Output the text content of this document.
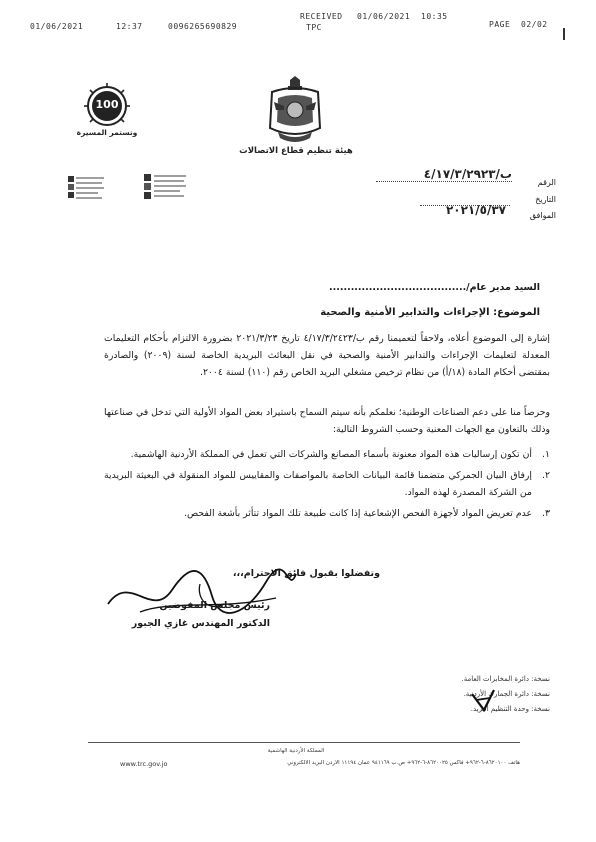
01/06/2021	12:37	0096265690829
RECEIVED 01/06/2021 10:35
TPC	PAGE 02/02
100
وتستمر المسيرة
هيئة تنظيم قطاع الاتصالات
الرقم
ب/٤/١٧/٣/٢٩٢٣
التاريخ
الموافق
٢٠٢١/٥/٣٧
السيد مدير عام/......................................
الموضوع: الإجراءات والتدابير الأمنية والصحية
إشارة إلى الموضوع أعلاه، ولاحقاً لتعميمنا رقم ب/٤/١٧/٣/٢٤٢٣ تاريخ ٢٠٢١/٣/٢٣ بضرورة الالتزام بأحكام التعليمات المعدلة لتعليمات الإجراءات والتدابير الأمنية والصحية في نقل البعائث البريدية الخاصة لسنة (٢٠٠٩) والصادرة بمقتضى أحكام المادة (١٨/أ) من نظام ترخيص مشغلي البريد الخاص رقم (١١٠) لسنة ٢٠٠٤.
وحرصاً منا على دعم الصناعات الوطنية؛ نعلمكم بأنه سيتم السماح باستيراد بعض المواد الأولية التي تدخل في صناعتها وذلك بالتعاون مع الجهات المعنية وحسب الشروط التالية:
١.
أن تكون إرساليات هذه المواد معنونة بأسماء المصانع والشركات التي تعمل في المملكة الأردنية الهاشمية.
٢.
إرفاق البيان الجمركي متضمنا قائمة البيانات الخاصة بالمواصفات والمقاييس للمواد المنقولة في البعيثة البريدية من الشركة المصدرة لهذه المواد.
٣.
عدم تعريض المواد لأجهزة الفحص الإشعاعية إذا كانت طبيعة تلك المواد تتأثر بأشعة الفحص.
وتفضلوا بقبول فائق الاحترام،،،
رئيس مجلس المفوضين
الدكتور المهندس غازي الجبور
نسخة: دائرة المخابرات العامة.
نسخة: دائرة الجمارك الأردنية.
نسخة: وحدة التنظيم البريد.
المملكة الأردنية الهاشمية
www.trc.gov.jo	هاتف ٨٦٢٠١٠٠-٦-٩٦٢+ فاكس ٨٦٢٠٠٢٥-٦-٩٦٢+ ص.ب ٩٤١١٦٩ عمان ١١١٩٤ الأردن البريد الالكتروني
